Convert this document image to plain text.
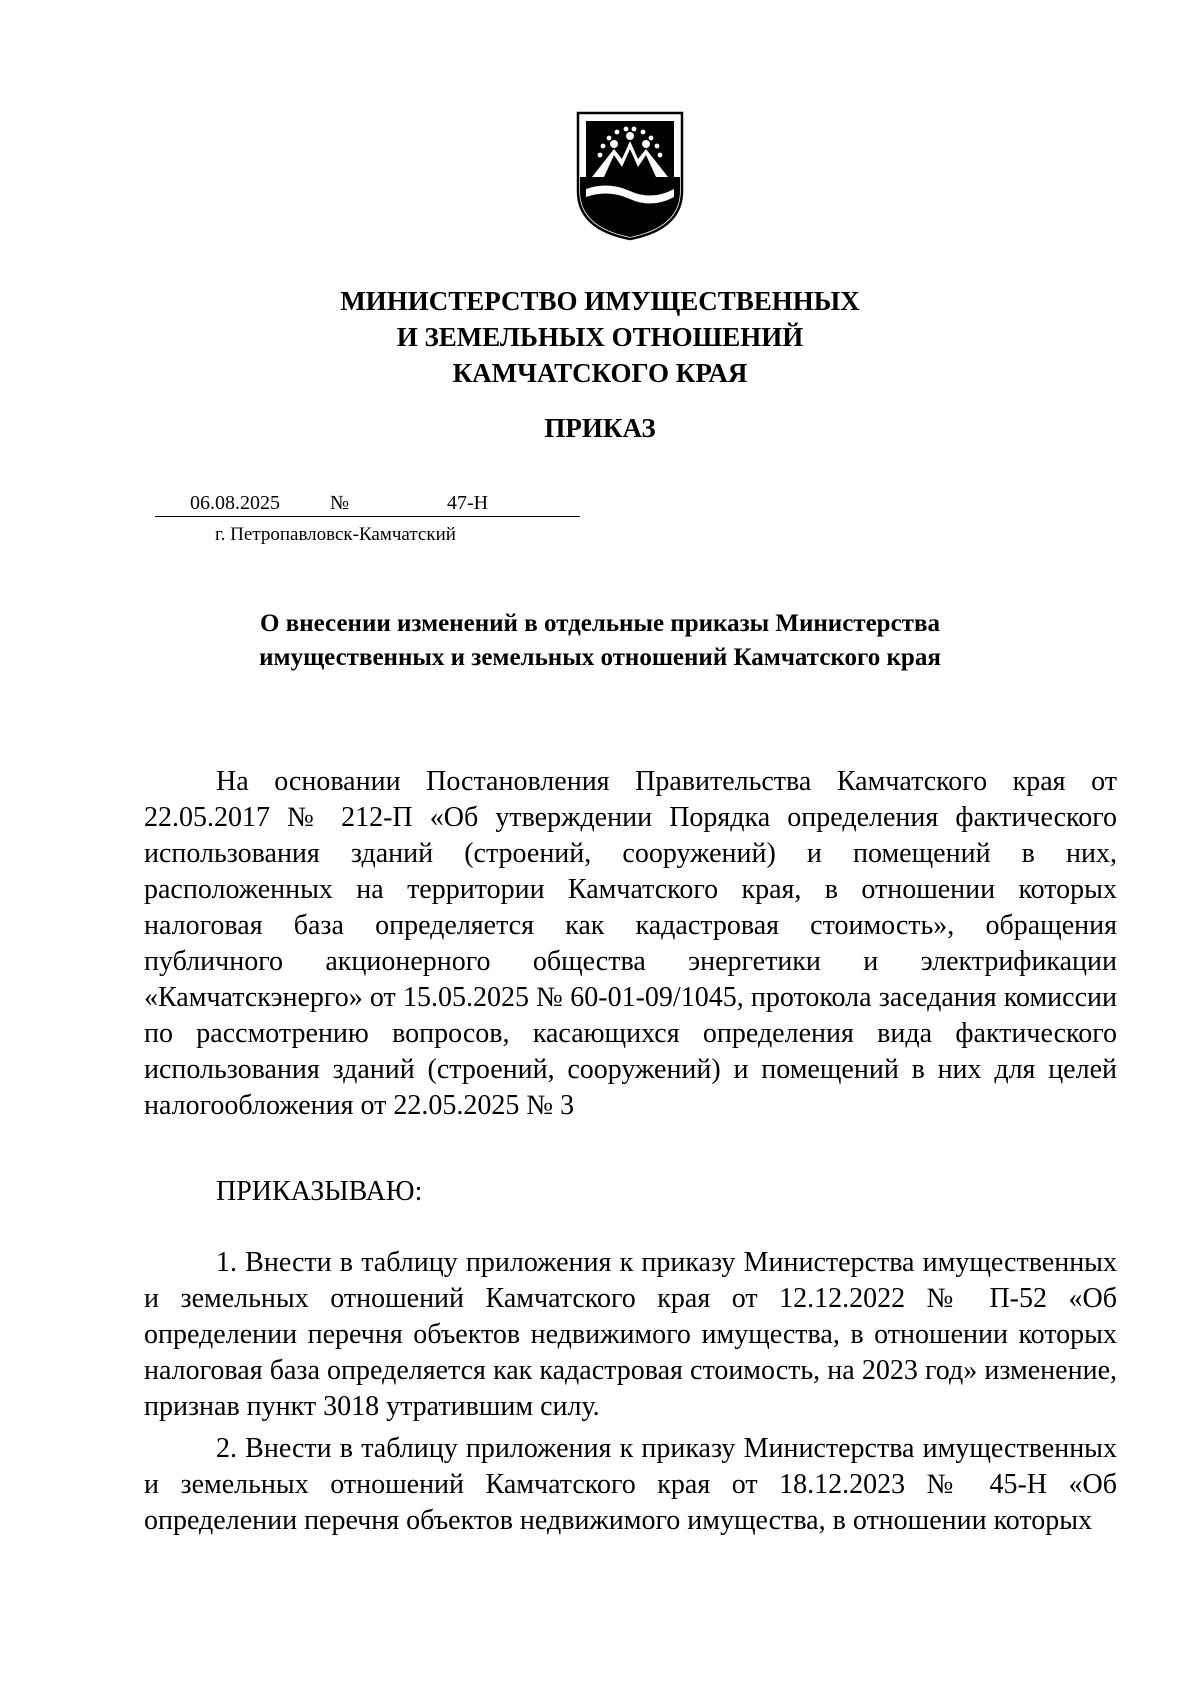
МИНИСТЕРСТВО ИМУЩЕСТВЕННЫХ
И ЗЕМЕЛЬНЫХ ОТНОШЕНИЙ
КАМЧАТСКОГО КРАЯ
ПРИКАЗ
06.08.2025	№	47-Н
г. Петропавловск-Камчатский
О внесении изменений в отдельные приказы Министерства
имущественных и земельных отношений Камчатского края

На основании Постановления Правительства Камчатского края от 22.05.2017 № 212-П «Об утверждении Порядка определения фактического использования зданий (строений, сооружений) и помещений в них, расположенных на территории Камчатского края, в отношении которых налоговая база определяется как кадастровая стоимость», обращения публичного акционерного общества энергетики и электрификации «Камчатскэнерго» от 15.05.2025 № 60-01-09/1045, протокола заседания комиссии по рассмотрению вопросов, касающихся определения вида фактического использования зданий (строений, сооружений) и помещений в них для целей налогообложения от 22.05.2025 № 3

ПРИКАЗЫВАЮ:

1. Внести в таблицу приложения к приказу Министерства имущественных и земельных отношений Камчатского края от 12.12.2022 № П-52 «Об определении перечня объектов недвижимого имущества, в отношении которых налоговая база определяется как кадастровая стоимость, на 2023 год» изменение, признав пункт 3018 утратившим силу.

2. Внести в таблицу приложения к приказу Министерства имущественных и земельных отношений Камчатского края от 18.12.2023 № 45-Н «Об определении перечня объектов недвижимого имущества, в отношении которых
